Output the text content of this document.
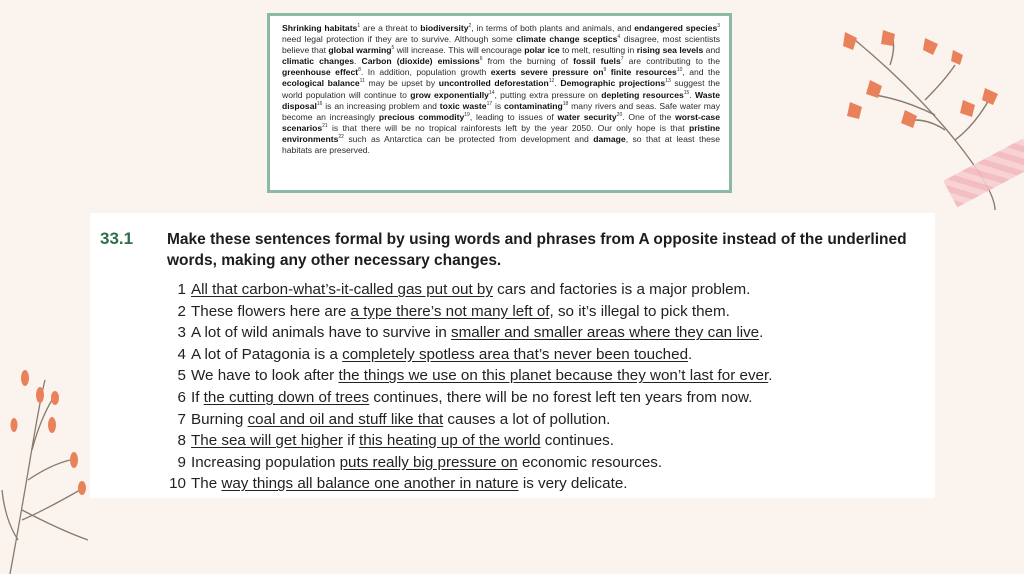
Shrinking habitats$^1$ are a threat to biodiversity$^2$, in terms of both plants and animals, and endangered species$^3$ need legal protection if they are to survive. Although some climate change sceptics$^4$ disagree, most scientists believe that global warming$^5$ will increase. This will encourage polar ice to melt, resulting in rising sea levels and climatic changes. Carbon (dioxide) emissions$^6$ from the burning of fossil fuels$^7$ are contributing to the greenhouse effect$^8$. In addition, population growth exerts severe pressure $on^9$ finite resources$^{10}$, and the ecological balance$^{11}$ may be upset by uncontrolled deforestation$^{12}$. Demographic projections$^{13}$ suggest the world population will continue to grow exponentially$^{14}$, putting extra pressure on depleting resources$^{15}$. Waste disposal$^{16}$ is an increasing problem and toxic waste$^{17}$ is contaminating$^{18}$ many rivers and seas. Safe water may become an increasingly precious commodity$^{19}$, leading to issues of water security$^{20}$. One of the worst-case scenarios$^{21}$ is that there will be no tropical rainforests left by the year 2050. Our only hope is that pristine environments$^{22}$ such as Antarctica can be protected from development and damage, so that at least these habitats are preserved.

33.1 Make these sentences formal by using words and phrases from A opposite instead of the underlined words, making any other necessary changes.
1 All that carbon-what’s-it-called gas put out by cars and factories is a major problem.
2 These flowers here are a type there’s not many left of, so it’s illegal to pick them.
3 A lot of wild animals have to survive in smaller and smaller areas where they can live.
4 A lot of Patagonia is a completely spotless area that’s never been touched.
5 We have to look after the things we use on this planet because they won’t last for ever.
6 If the cutting down of trees continues, there will be no forest left ten years from now.
7 Burning coal and oil and stuff like that causes a lot of pollution.
8 The sea will get higher if this heating up of the world continues.
9 Increasing population puts really big pressure on economic resources.
10 The way things all balance one another in nature is very delicate.
